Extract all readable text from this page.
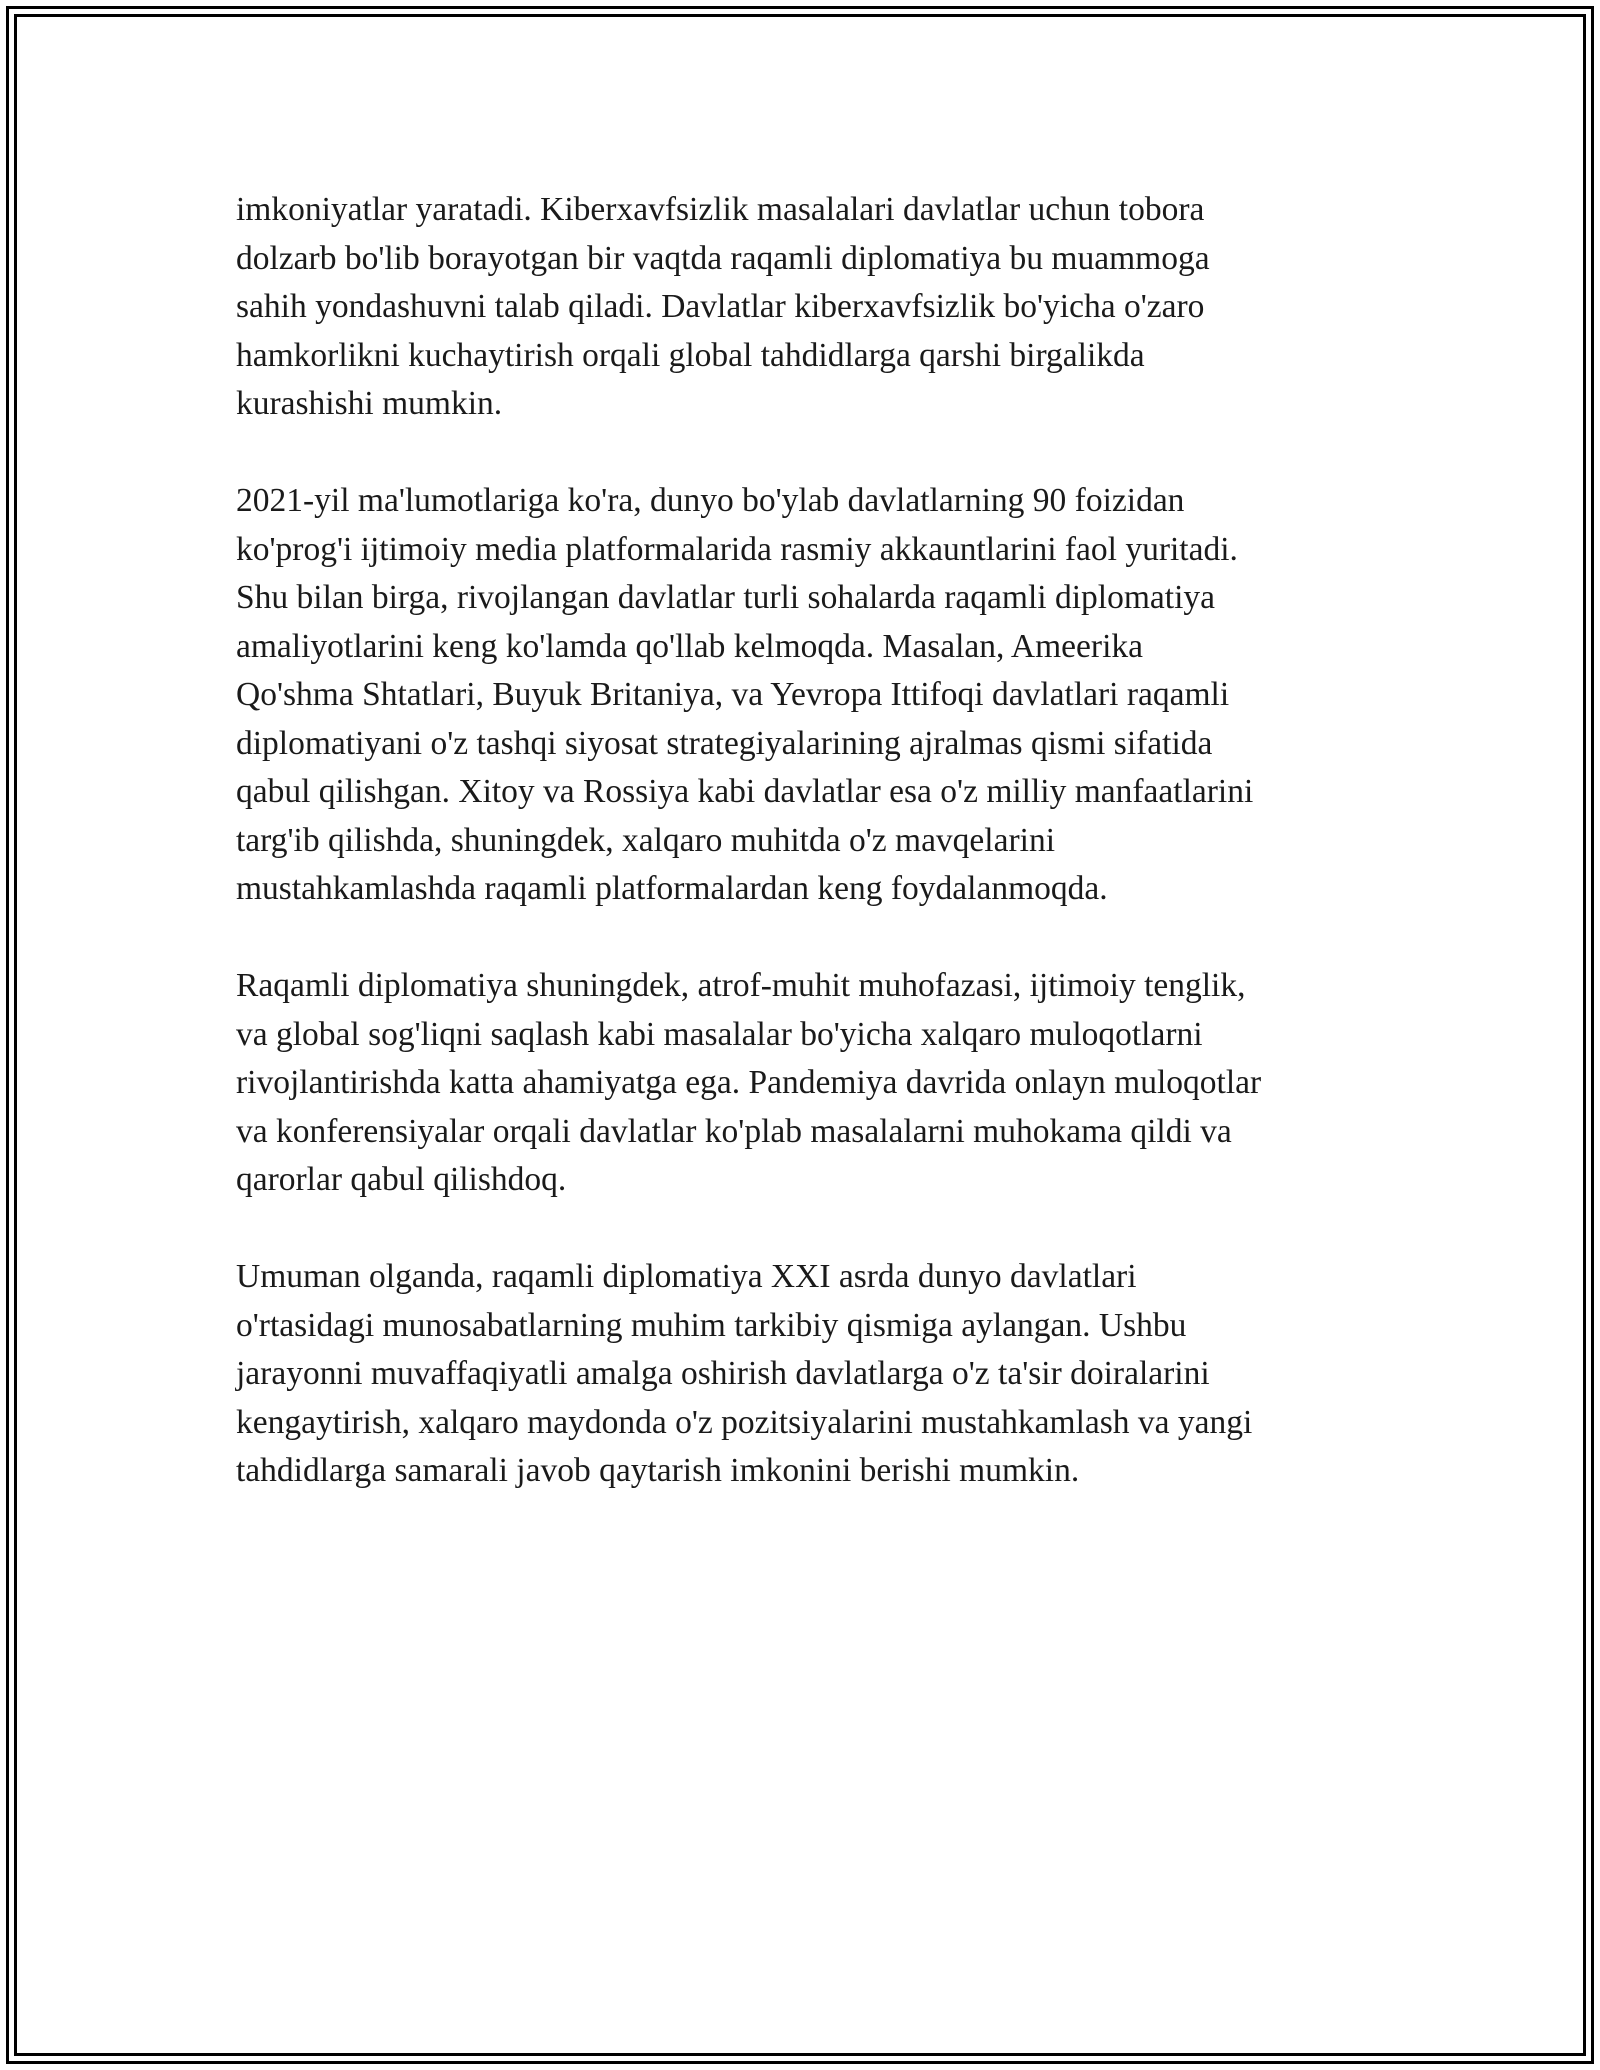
imkoniyatlar yaratadi. Kiberxavfsizlik masalalari davlatlar uchun tobora
dolzarb bo'lib borayotgan bir vaqtda raqamli diplomatiya bu muammoga
sahih yondashuvni talab qiladi. Davlatlar kiberxavfsizlik bo'yicha o'zaro
hamkorlikni kuchaytirish orqali global tahdidlarga qarshi birgalikda
kurashishi mumkin.

2021-yil ma'lumotlariga ko'ra, dunyo bo'ylab davlatlarning 90 foizidan
ko'prog'i ijtimoiy media platformalarida rasmiy akkauntlarini faol yuritadi.
Shu bilan birga, rivojlangan davlatlar turli sohalarda raqamli diplomatiya
amaliyotlarini keng ko'lamda qo'llab kelmoqda. Masalan, Ameerika
Qo'shma Shtatlari, Buyuk Britaniya, va Yevropa Ittifoqi davlatlari raqamli
diplomatiyani o'z tashqi siyosat strategiyalarining ajralmas qismi sifatida
qabul qilishgan. Xitoy va Rossiya kabi davlatlar esa o'z milliy manfaatlarini
targ'ib qilishda, shuningdek, xalqaro muhitda o'z mavqelarini
mustahkamlashda raqamli platformalardan keng foydalanmoqda.

Raqamli diplomatiya shuningdek, atrof-muhit muhofazasi, ijtimoiy tenglik,
va global sog'liqni saqlash kabi masalalar bo'yicha xalqaro muloqotlarni
rivojlantirishda katta ahamiyatga ega. Pandemiya davrida onlayn muloqotlar
va konferensiyalar orqali davlatlar ko'plab masalalarni muhokama qildi va
qarorlar qabul qilishdoq.

Umuman olganda, raqamli diplomatiya XXI asrda dunyo davlatlari
o'rtasidagi munosabatlarning muhim tarkibiy qismiga aylangan. Ushbu
jarayonni muvaffaqiyatli amalga oshirish davlatlarga o'z ta'sir doiralarini
kengaytirish, xalqaro maydonda o'z pozitsiyalarini mustahkamlash va yangi
tahdidlarga samarali javob qaytarish imkonini berishi mumkin.
